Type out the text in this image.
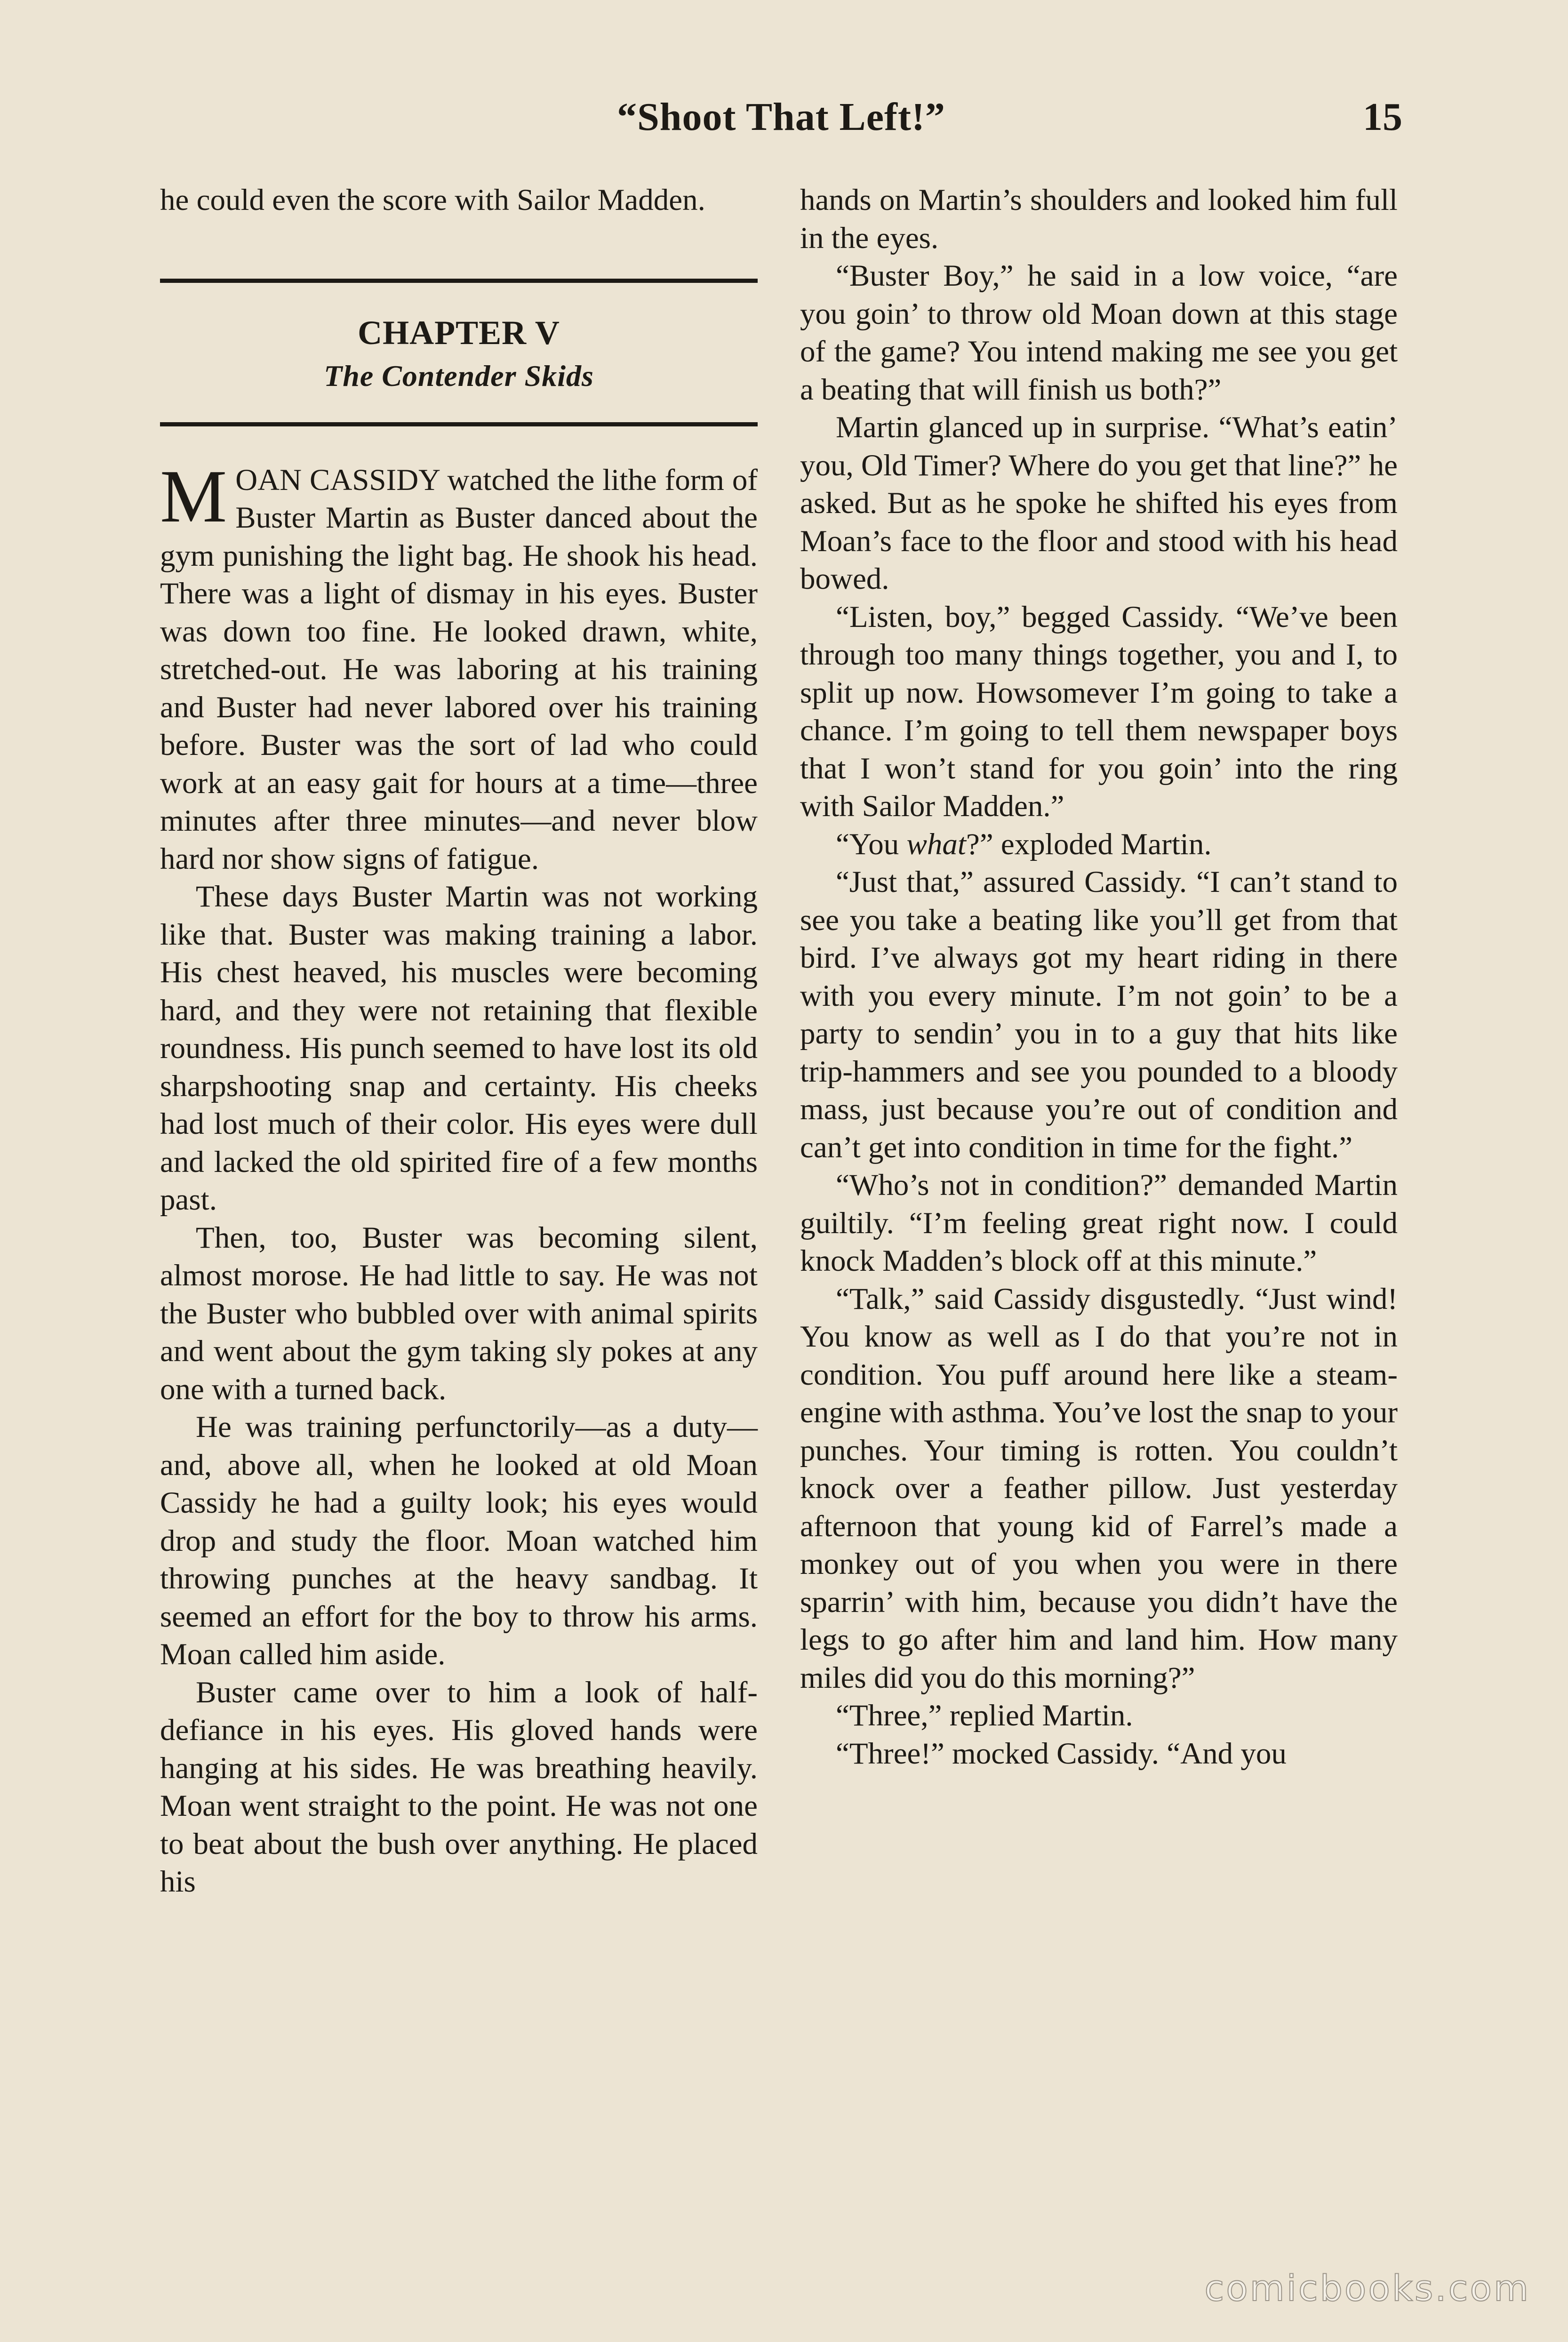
“Shoot That Left!”	15

he could even the score with Sailor Madden.

CHAPTER V
The Contender Skids

MOAN CASSIDY watched the lithe form of Buster Martin as Buster danced about the gym punishing the light bag. He shook his head. There was a light of dismay in his eyes. Buster was down too fine. He looked drawn, white, stretched-out. He was laboring at his training and Buster had never labored over his training before. Buster was the sort of lad who could work at an easy gait for hours at a time—three minutes after three minutes—and never blow hard nor show signs of fatigue.

These days Buster Martin was not working like that. Buster was making training a labor. His chest heaved, his muscles were becoming hard, and they were not retaining that flexible roundness. His punch seemed to have lost its old sharpshooting snap and certainty. His cheeks had lost much of their color. His eyes were dull and lacked the old spirited fire of a few months past.

Then, too, Buster was becoming silent, almost morose. He had little to say. He was not the Buster who bubbled over with animal spirits and went about the gym taking sly pokes at any one with a turned back.

He was training perfunctorily—as a duty—and, above all, when he looked at old Moan Cassidy he had a guilty look; his eyes would drop and study the floor. Moan watched him throwing punches at the heavy sandbag. It seemed an effort for the boy to throw his arms. Moan called him aside.

Buster came over to him a look of half-defiance in his eyes. His gloved hands were hanging at his sides. He was breathing heavily. Moan went straight to the point. He was not one to beat about the bush over anything. He placed his

hands on Martin’s shoulders and looked him full in the eyes.

“Buster Boy,” he said in a low voice, “are you goin’ to throw old Moan down at this stage of the game? You intend making me see you get a beating that will finish us both?”

Martin glanced up in surprise. “What’s eatin’ you, Old Timer? Where do you get that line?” he asked. But as he spoke he shifted his eyes from Moan’s face to the floor and stood with his head bowed.

“Listen, boy,” begged Cassidy. “We’ve been through too many things together, you and I, to split up now. Howsomever I’m going to take a chance. I’m going to tell them newspaper boys that I won’t stand for you goin’ into the ring with Sailor Madden.”

“You what?” exploded Martin.

“Just that,” assured Cassidy. “I can’t stand to see you take a beating like you’ll get from that bird. I’ve always got my heart riding in there with you every minute. I’m not goin’ to be a party to sendin’ you in to a guy that hits like trip-hammers and see you pounded to a bloody mass, just because you’re out of condition and can’t get into condition in time for the fight.”

“Who’s not in condition?” demanded Martin guiltily. “I’m feeling great right now. I could knock Madden’s block off at this minute.”

“Talk,” said Cassidy disgustedly. “Just wind! You know as well as I do that you’re not in condition. You puff around here like a steam-engine with asthma. You’ve lost the snap to your punches. Your timing is rotten. You couldn’t knock over a feather pillow. Just yesterday afternoon that young kid of Farrel’s made a monkey out of you when you were in there sparrin’ with him, because you didn’t have the legs to go after him and land him. How many miles did you do this morning?”

“Three,” replied Martin.

“Three!” mocked Cassidy. “And you

comicbooks.com
